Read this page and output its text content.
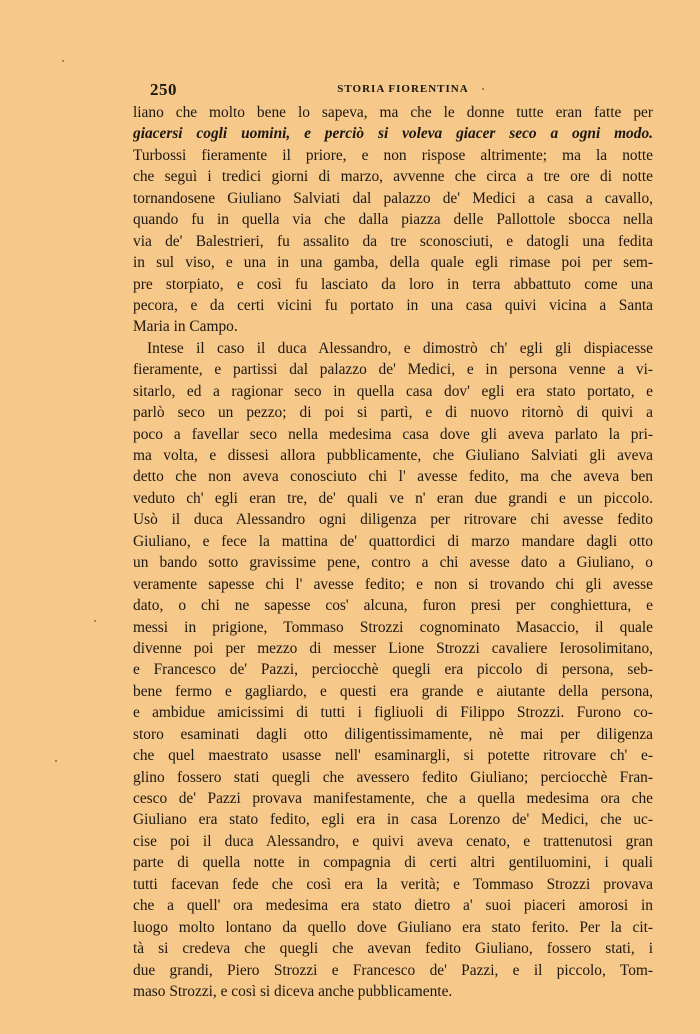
250	STORIA FIORENTINA
liano che molto bene lo sapeva, ma che le donne tutte eran fatte per
giacersi cogli uomini, e perciò si voleva giacer seco a ogni modo.
Turbossi fieramente il priore, e non rispose altrimente; ma la notte
che seguì i tredici giorni di marzo, avvenne che circa a tre ore di notte
tornandosene Giuliano Salviati dal palazzo de' Medici a casa a cavallo,
quando fu in quella via che dalla piazza delle Pallottole sbocca nella
via de' Balestrieri, fu assalito da tre sconosciuti, e datogli una fedita
in sul viso, e una in una gamba, della quale egli rimase poi per sem-
pre storpiato, e così fu lasciato da loro in terra abbattuto come una
pecora, e da certi vicini fu portato in una casa quivi vicina a Santa
Maria in Campo.
Intese il caso il duca Alessandro, e dimostrò ch' egli gli dispiacesse
fieramente, e partissi dal palazzo de' Medici, e in persona venne a vi-
sitarlo, ed a ragionar seco in quella casa dov' egli era stato portato, e
parlò seco un pezzo; di poi si partì, e di nuovo ritornò di quivi a
poco a favellar seco nella medesima casa dove gli aveva parlato la pri-
ma volta, e dissesi allora pubblicamente, che Giuliano Salviati gli aveva
detto che non aveva conosciuto chi l' avesse fedito, ma che aveva ben
veduto ch' egli eran tre, de' quali ve n' eran due grandi e un piccolo.
Usò il duca Alessandro ogni diligenza per ritrovare chi avesse fedito
Giuliano, e fece la mattina de' quattordici di marzo mandare dagli otto
un bando sotto gravissime pene, contro a chi avesse dato a Giuliano, o
veramente sapesse chi l' avesse fedito; e non si trovando chi gli avesse
dato, o chi ne sapesse cos' alcuna, furon presi per conghiettura, e
messi in prigione, Tommaso Strozzi cognominato Masaccio, il quale
divenne poi per mezzo di messer Lione Strozzi cavaliere Ierosolimitano,
e Francesco de' Pazzi, perciocchè quegli era piccolo di persona, seb-
bene fermo e gagliardo, e questi era grande e aiutante della persona,
e ambidue amicissimi di tutti i figliuoli di Filippo Strozzi. Furono co-
storo esaminati dagli otto diligentissimamente, nè mai per diligenza
che quel maestrato usasse nell' esaminargli, si potette ritrovare ch' e-
glino fossero stati quegli che avessero fedito Giuliano; perciocchè Fran-
cesco de' Pazzi provava manifestamente, che a quella medesima ora che
Giuliano era stato fedito, egli era in casa Lorenzo de' Medici, che uc-
cise poi il duca Alessandro, e quivi aveva cenato, e trattenutosi gran
parte di quella notte in compagnia di certi altri gentiluomini, i quali
tutti facevan fede che così era la verità; e Tommaso Strozzi provava
che a quell' ora medesima era stato dietro a' suoi piaceri amorosi in
luogo molto lontano da quello dove Giuliano era stato ferito. Per la cit-
tà si credeva che quegli che avevan fedito Giuliano, fossero stati, i
due grandi, Piero Strozzi e Francesco de' Pazzi, e il piccolo, Tom-
maso Strozzi, e così si diceva anche pubblicamente.
